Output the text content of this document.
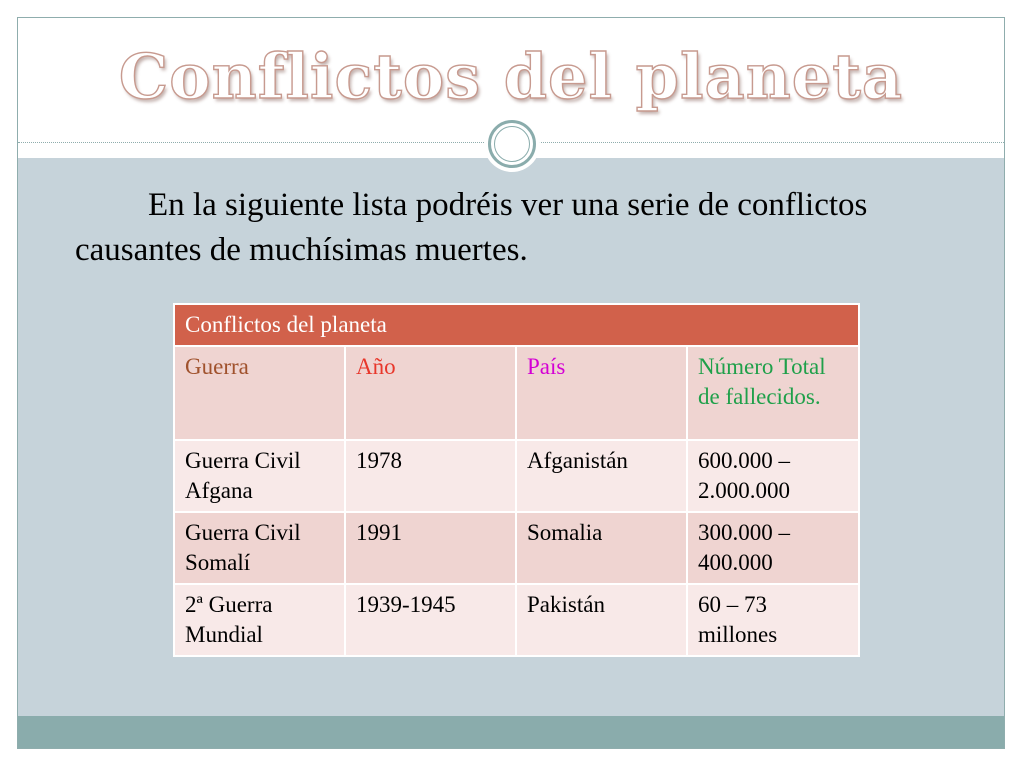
Conflictos del planeta

En la siguiente lista podréis ver una serie de conflictos causantes de muchísimas muertes.

Conflictos del planeta			
Guerra	Año	País	Número Total de fallecidos.
Guerra Civil Afgana	1978	Afganistán	600.000 – 2.000.000
Guerra Civil Somalí	1991	Somalia	300.000 – 400.000
2ª Guerra Mundial	1939-1945	Pakistán	60 – 73 millones
